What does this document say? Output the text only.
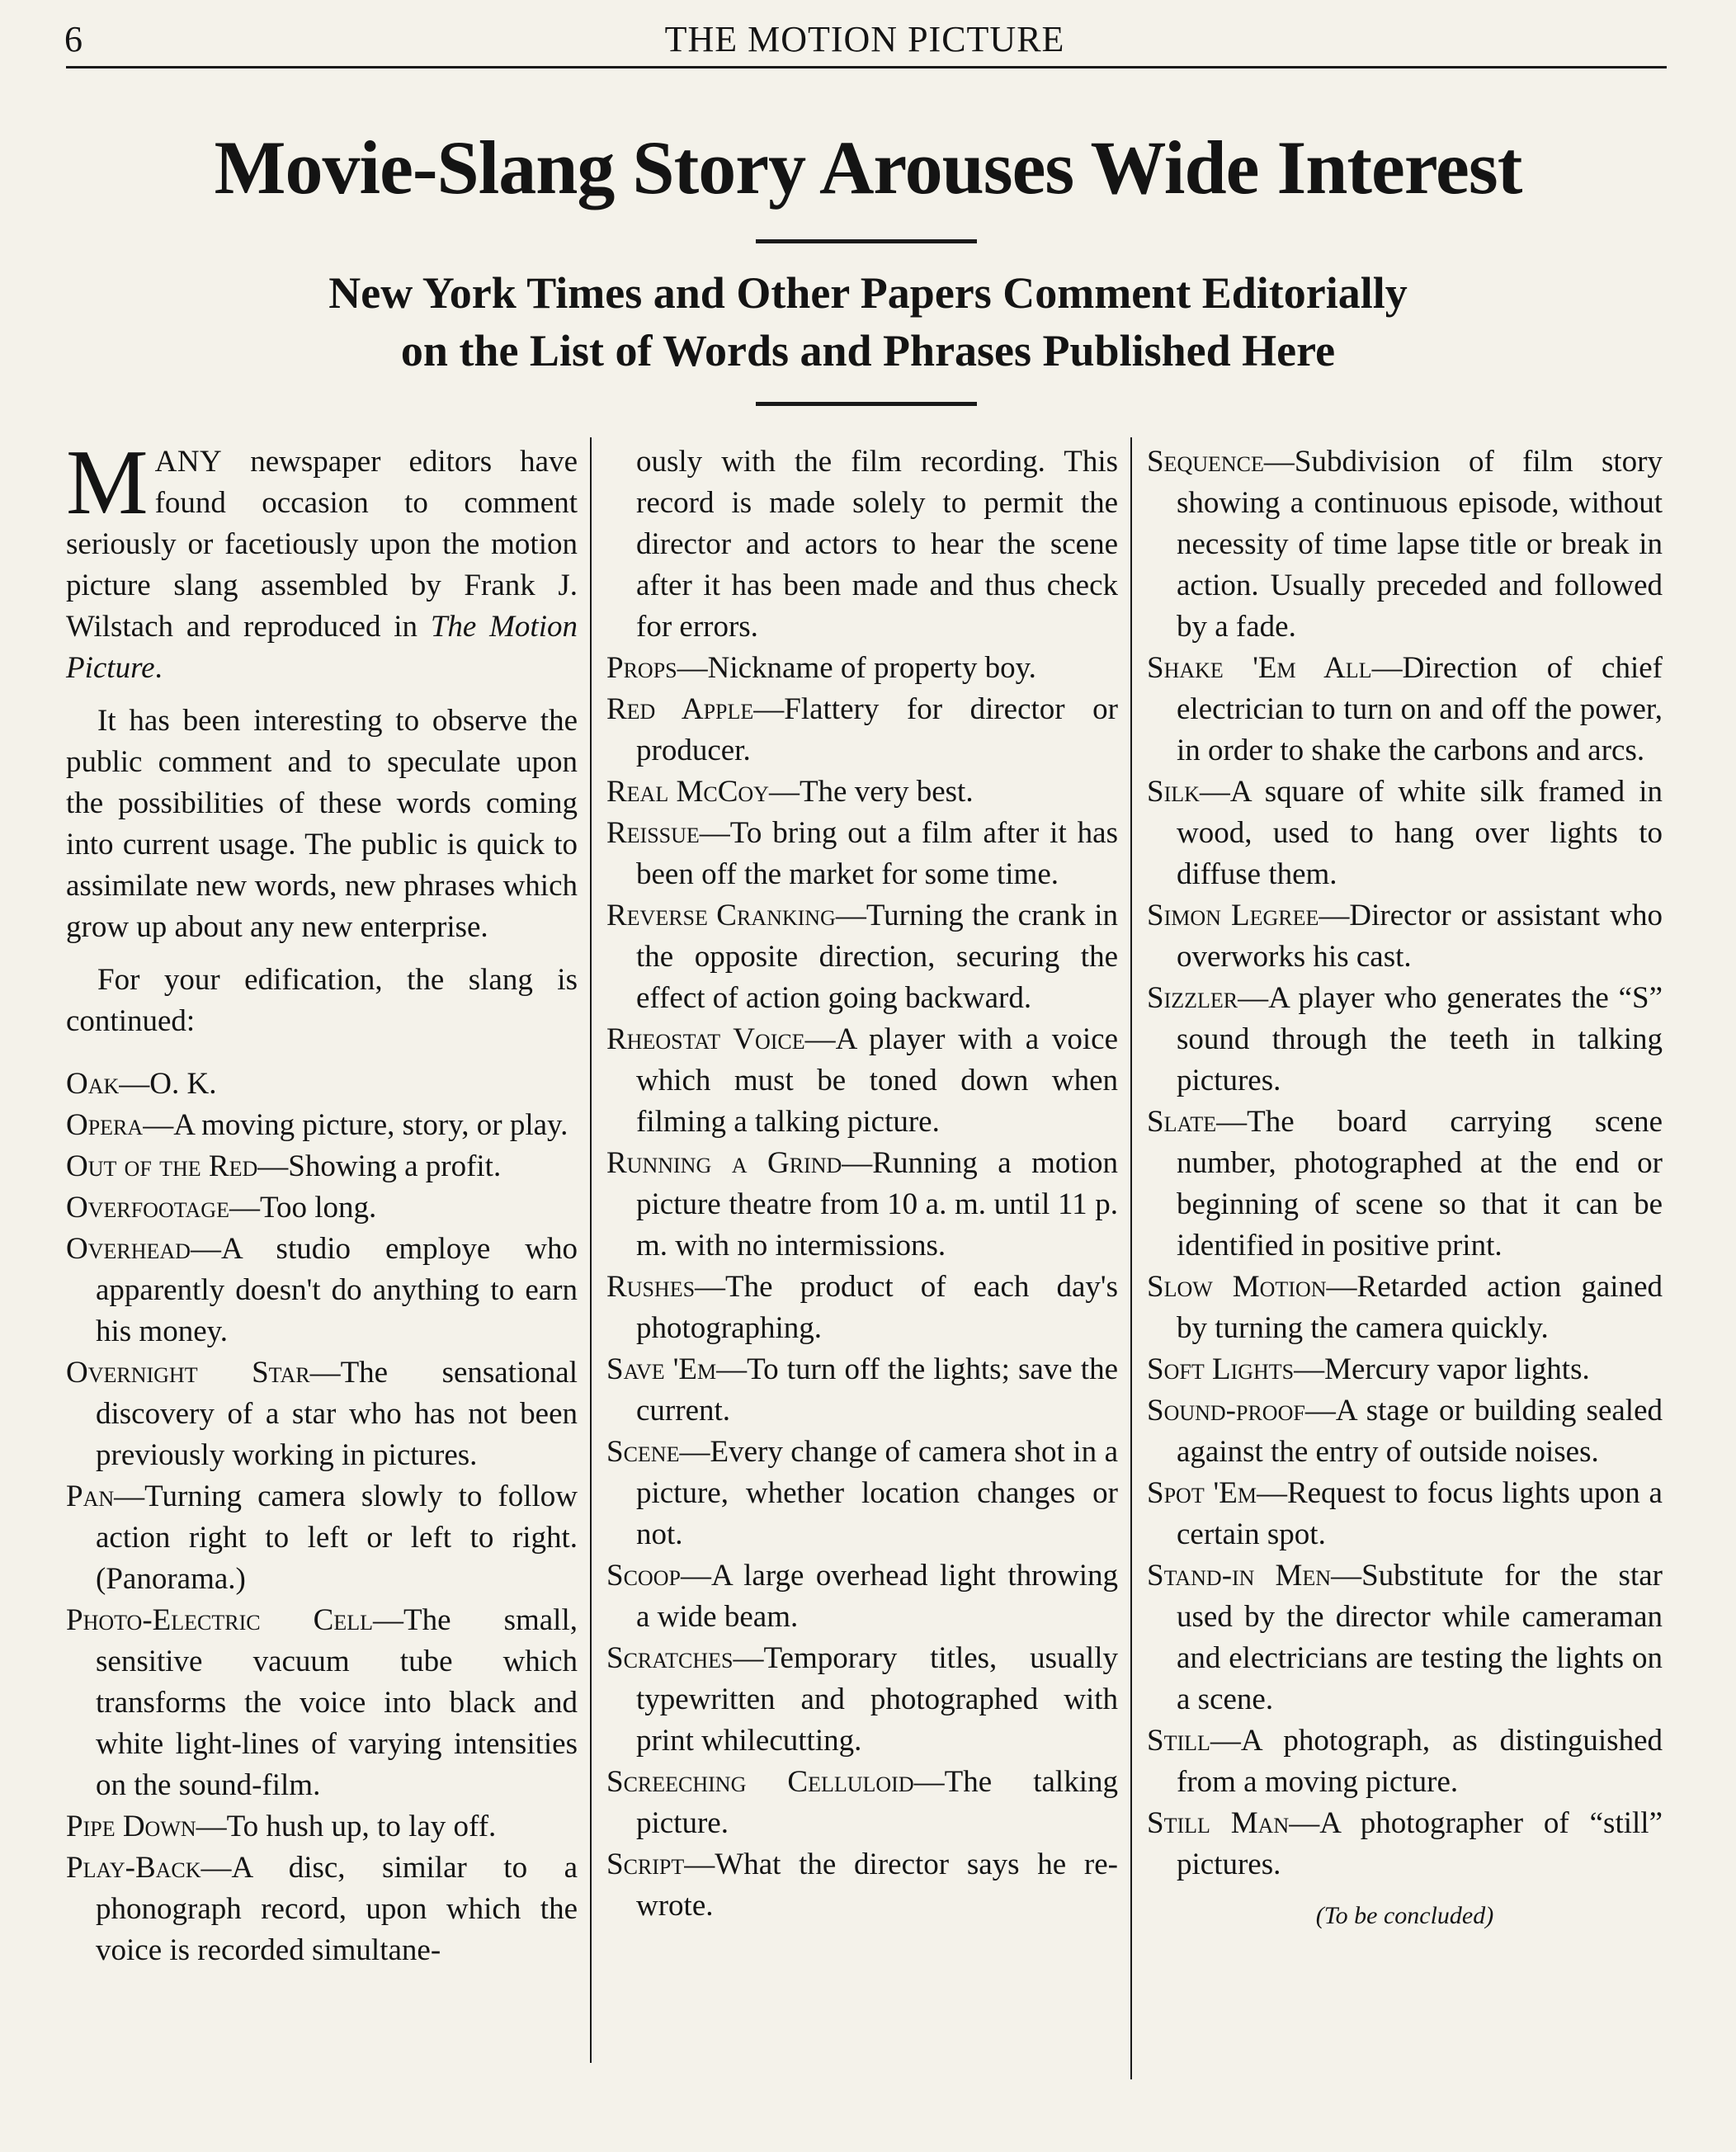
6	THE MOTION PICTURE
Movie-Slang Story Arouses Wide Interest
New York Times and Other Papers Comment Editorially
on the List of Words and Phrases Published Here

MANY newspaper editors have found occasion to comment seriously or facetiously upon the motion picture slang assembled by Frank J. Wilstach and reproduced in The Motion Picture.

It has been interesting to observe the public comment and to speculate upon the possibilities of these words coming into current usage. The public is quick to assimilate new words, new phrases which grow up about any new enterprise.

For your edification, the slang is continued:

Oak—O. K.

Opera—A moving picture, story, or play.

Out of the Red—Showing a profit.

Overfootage—Too long.

Overhead—A studio employe who apparently doesn't do anything to earn his money.

Overnight Star—The sensational discovery of a star who has not been previously working in pictures.

Pan—Turning camera slowly to follow action right to left or left to right. (Panorama.)

Photo-Electric Cell—The small, sensitive vacuum tube which transforms the voice into black and white light-lines of varying intensities on the sound-film.

Pipe Down—To hush up, to lay off.

Play-Back—A disc, similar to a phonograph record, upon which the voice is recorded simultane-

ously with the film recording. This record is made solely to permit the director and actors to hear the scene after it has been made and thus check for errors.

Props—Nickname of property boy.

Red Apple—Flattery for director or producer.

Real McCoy—The very best.

Reissue—To bring out a film after it has been off the market for some time.

Reverse Cranking—Turning the crank in the opposite direction, securing the effect of action going backward.

Rheostat Voice—A player with a voice which must be toned down when filming a talking picture.

Running a Grind—Running a motion picture theatre from 10 a. m. until 11 p. m. with no intermissions.

Rushes—The product of each day's photographing.

Save 'Em—To turn off the lights; save the current.

Scene—Every change of camera shot in a picture, whether location changes or not.

Scoop—A large overhead light throwing a wide beam.

Scratches—Temporary titles, usually typewritten and photographed with print whilecutting.

Screeching Celluloid—The talking picture.

Script—What the director says he re-wrote.

Sequence—Subdivision of film story showing a continuous episode, without necessity of time lapse title or break in action. Usually preceded and followed by a fade.

Shake 'Em All—Direction of chief electrician to turn on and off the power, in order to shake the carbons and arcs.

Silk—A square of white silk framed in wood, used to hang over lights to diffuse them.

Simon Legree—Director or assistant who overworks his cast.

Sizzler—A player who generates the “S” sound through the teeth in talking pictures.

Slate—The board carrying scene number, photographed at the end or beginning of scene so that it can be identified in positive print.

Slow Motion—Retarded action gained by turning the camera quickly.

Soft Lights—Mercury vapor lights.

Sound-proof—A stage or building sealed against the entry of outside noises.

Spot 'Em—Request to focus lights upon a certain spot.

Stand-in Men—Substitute for the star used by the director while cameraman and electricians are testing the lights on a scene.

Still—A photograph, as distinguished from a moving picture.

Still Man—A photographer of “still” pictures.

(To be concluded)
